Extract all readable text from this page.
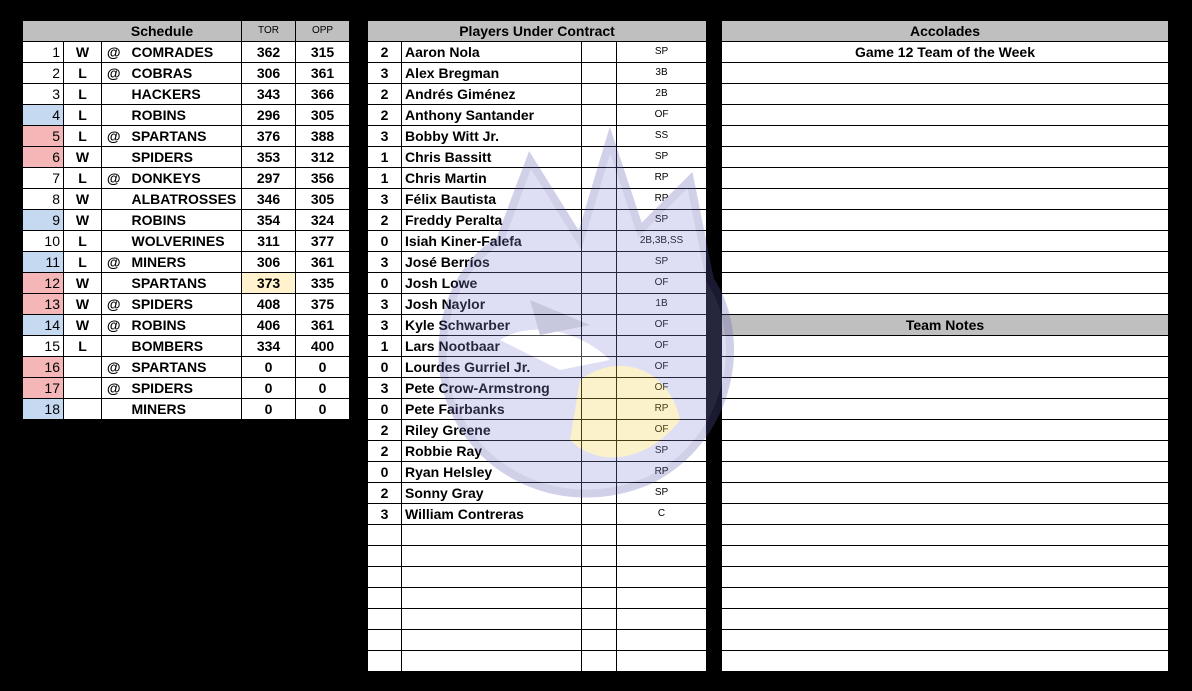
Schedule				TOR	OPP
1	W	@	COMRADES	362	315
2	L	@	COBRAS	306	361
3	L		HACKERS	343	366
4	L		ROBINS	296	305
5	L	@	SPARTANS	376	388
6	W		SPIDERS	353	312
7	L	@	DONKEYS	297	356
8	W		ALBATROSSES	346	305
9	W		ROBINS	354	324
10	L		WOLVERINES	311	377
11	L	@	MINERS	306	361
12	W		SPARTANS	373	335
13	W	@	SPIDERS	408	375
14	W	@	ROBINS	406	361
15	L		BOMBERS	334	400
16		@	SPARTANS	0	0
17		@	SPIDERS	0	0
18			MINERS	0	0
Players Under Contract			
2	Aaron Nola		SP
3	Alex Bregman		3B
2	Andrés Giménez		2B
2	Anthony Santander		OF
3	Bobby Witt Jr.		SS
1	Chris Bassitt		SP
1	Chris Martin		RP
3	Félix Bautista		RP
2	Freddy Peralta		SP
0	Isiah Kiner-Falefa		2B,3B,SS
3	José Berríos		SP
0	Josh Lowe		OF
3	Josh Naylor		1B
3	Kyle Schwarber		OF
1	Lars Nootbaar		OF
0	Lourdes Gurriel Jr.		OF
3	Pete Crow-Armstrong		OF
0	Pete Fairbanks		RP
2	Riley Greene		OF
2	Robbie Ray		SP
0	Ryan Helsley		RP
2	Sonny Gray		SP
3	William Contreras		C

Accolades
Game 12 Team of the Week

Team Notes
